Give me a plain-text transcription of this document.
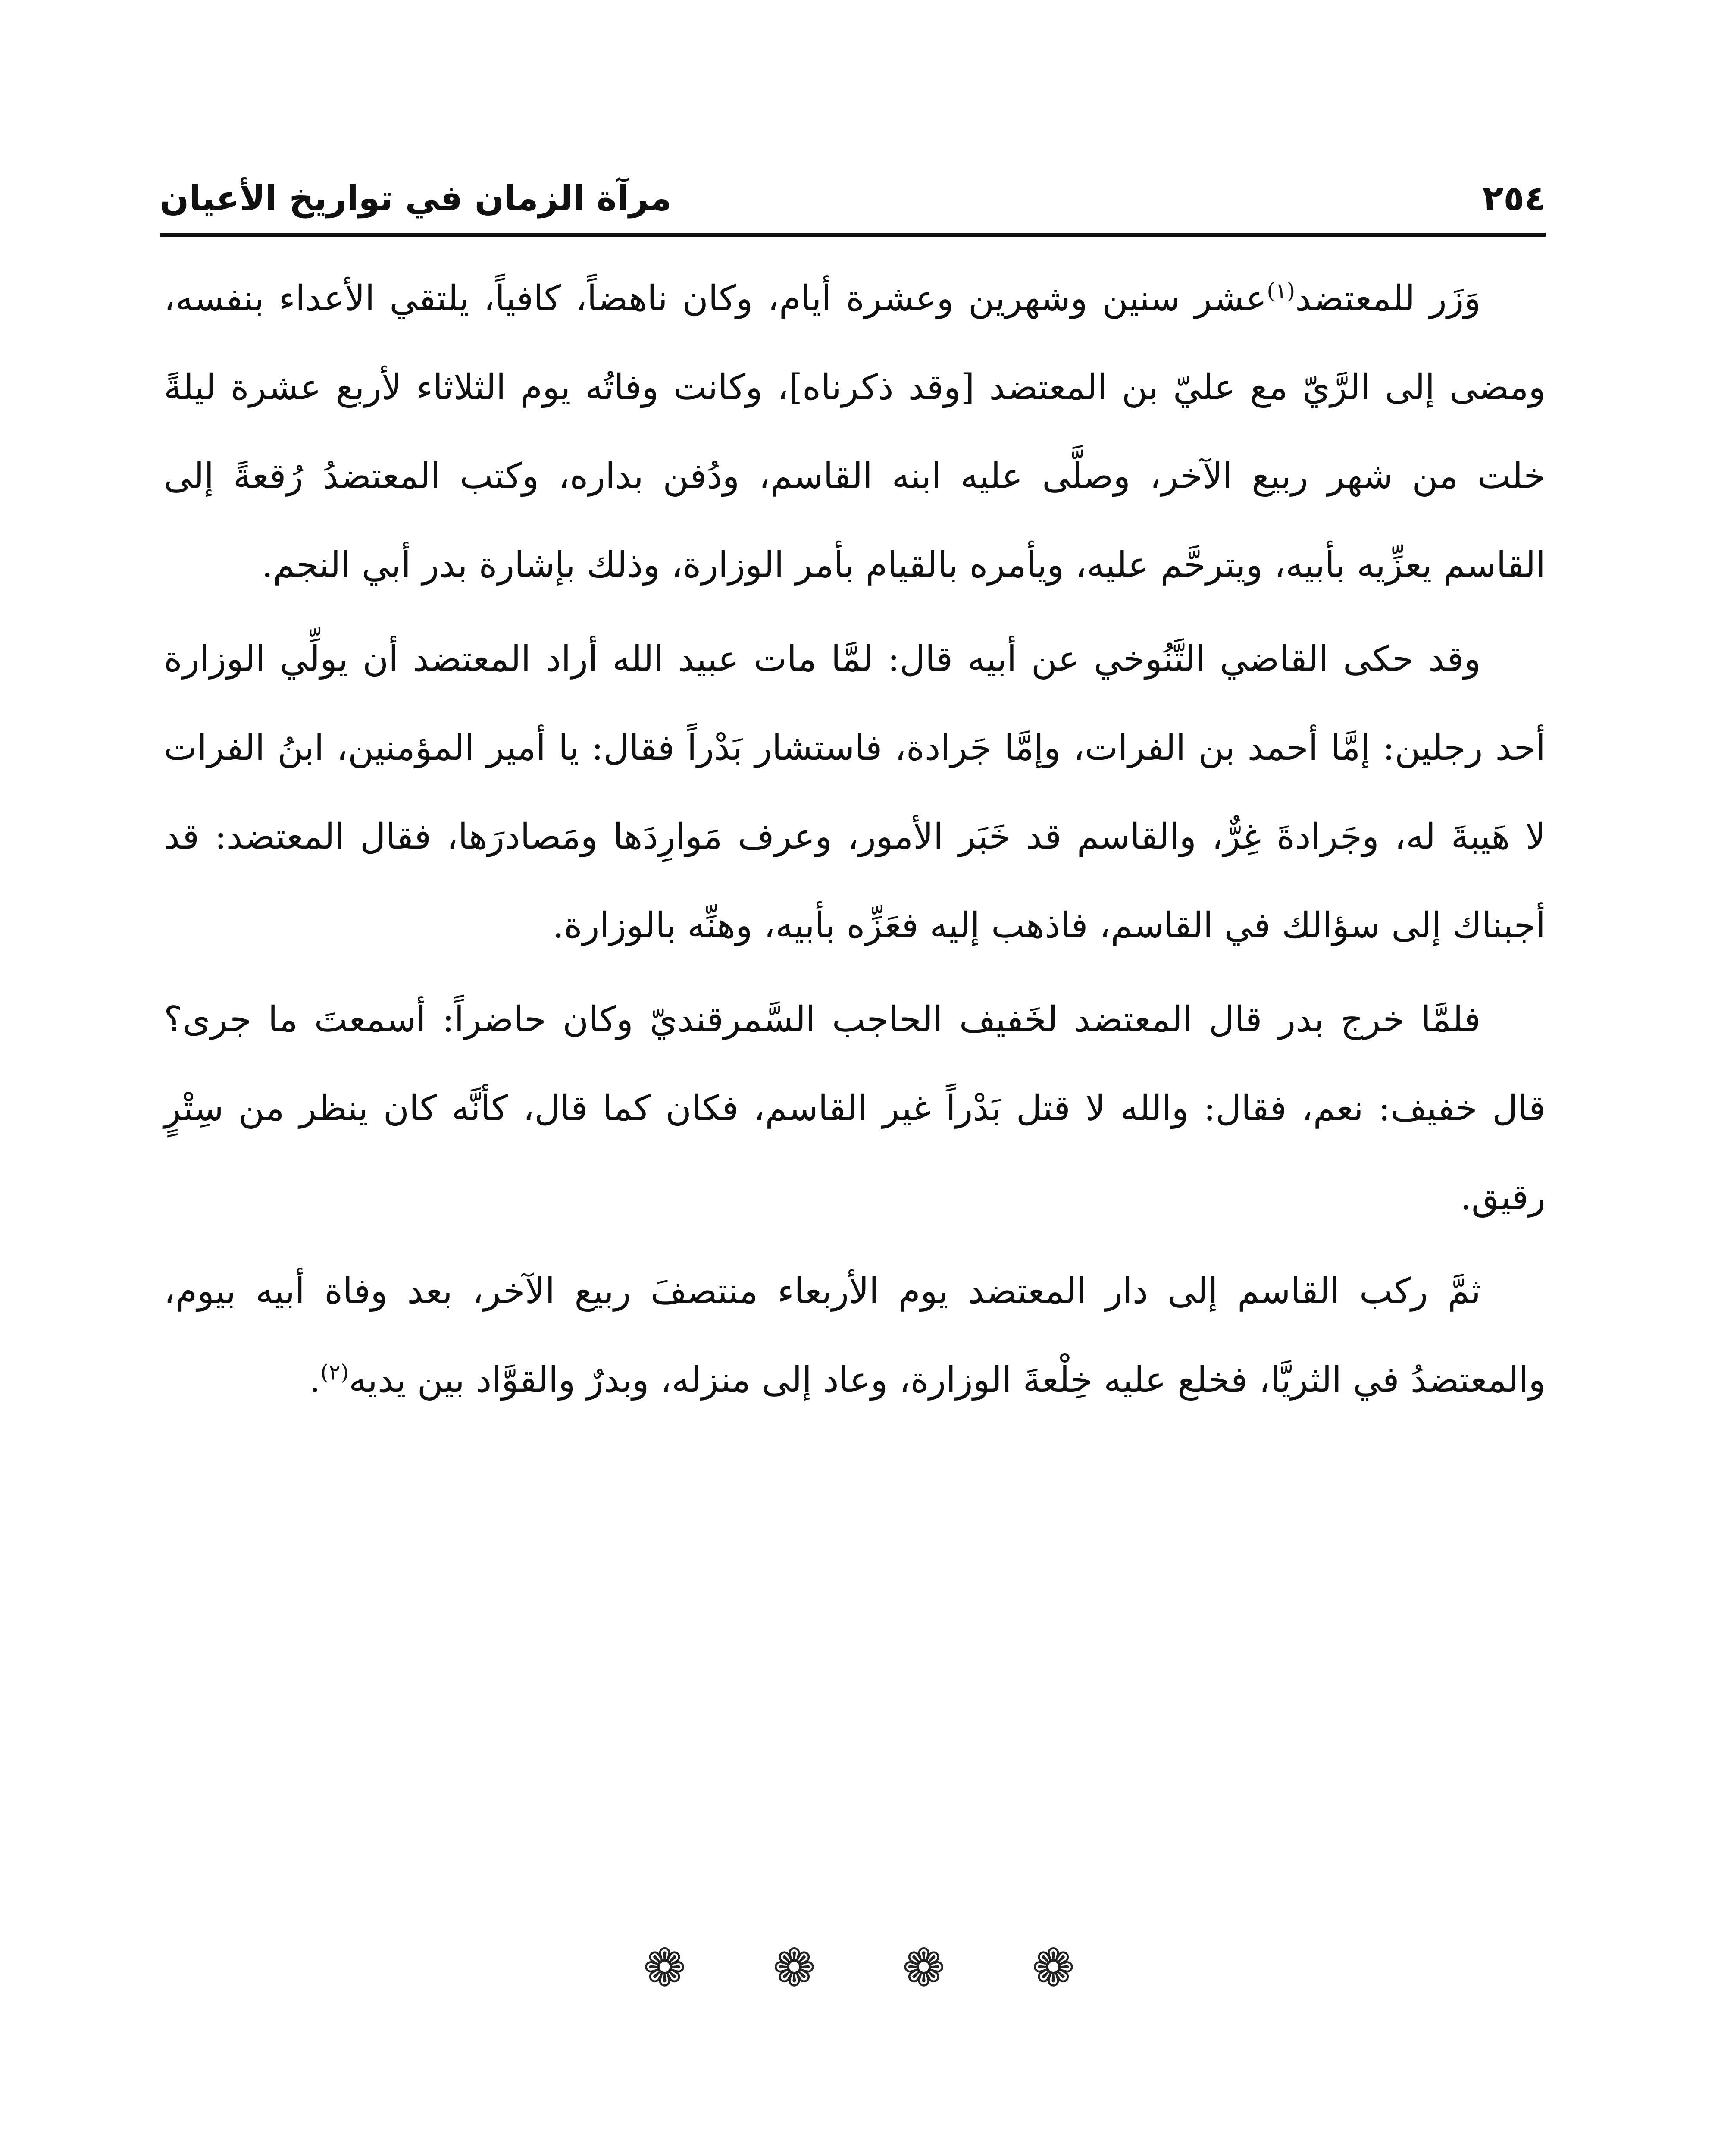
٢٥٤
مرآة الزمان في تواريخ الأعيان

وَزَر للمعتضد$^{(١)}$عشر سنين وشهرين وعشرة أيام، وكان ناهضاً، كافياً، يلتقي الأعداء بنفسه، ومضى إلى الرَّيّ مع عليّ بن المعتضد [وقد ذكرناه]، وكانت وفاتُه يوم الثلاثاء لأربع عشرة ليلةً خلت من شهر ربيع الآخر، وصلَّى عليه ابنه القاسم، ودُفن بداره، وكتب المعتضدُ رُقعةً إلى القاسم يعزِّيه بأبيه، ويترحَّم عليه، ويأمره بالقيام بأمر الوزارة، وذلك بإشارة بدر أبي النجم.

وقد حكى القاضي التَّنُوخي عن أبيه قال: لمَّا مات عبيد الله أراد المعتضد أن يولِّي الوزارة أحد رجلين: إمَّا أحمد بن الفرات، وإمَّا جَرادة، فاستشار بَدْراً فقال: يا أمير المؤمنين، ابنُ الفرات لا هَيبةَ له، وجَرادةَ غِرٌّ، والقاسم قد خَبَر الأمور، وعرف مَوارِدَها ومَصادرَها، فقال المعتضد: قد أجبناك إلى سؤالك في القاسم، فاذهب إليه فعَزِّه بأبيه، وهنِّه بالوزارة.

فلمَّا خرج بدر قال المعتضد لخَفيف الحاجب السَّمرقنديّ وكان حاضراً: أسمعتَ ما جرى؟ قال خفيف: نعم، فقال: والله لا قتل بَدْراً غير القاسم، فكان كما قال، كأنَّه كان ينظر من سِتْرٍ رقيق.

ثمَّ ركب القاسم إلى دار المعتضد يوم الأربعاء منتصفَ ربيع الآخر، بعد وفاة أبيه بيوم، والمعتضدُ في الثريَّا، فخلع عليه خِلْعةَ الوزارة، وعاد إلى منزله، وبدرٌ والقوَّاد بين يديه$^{(٢)}$.

❁
❁
❁
❁
